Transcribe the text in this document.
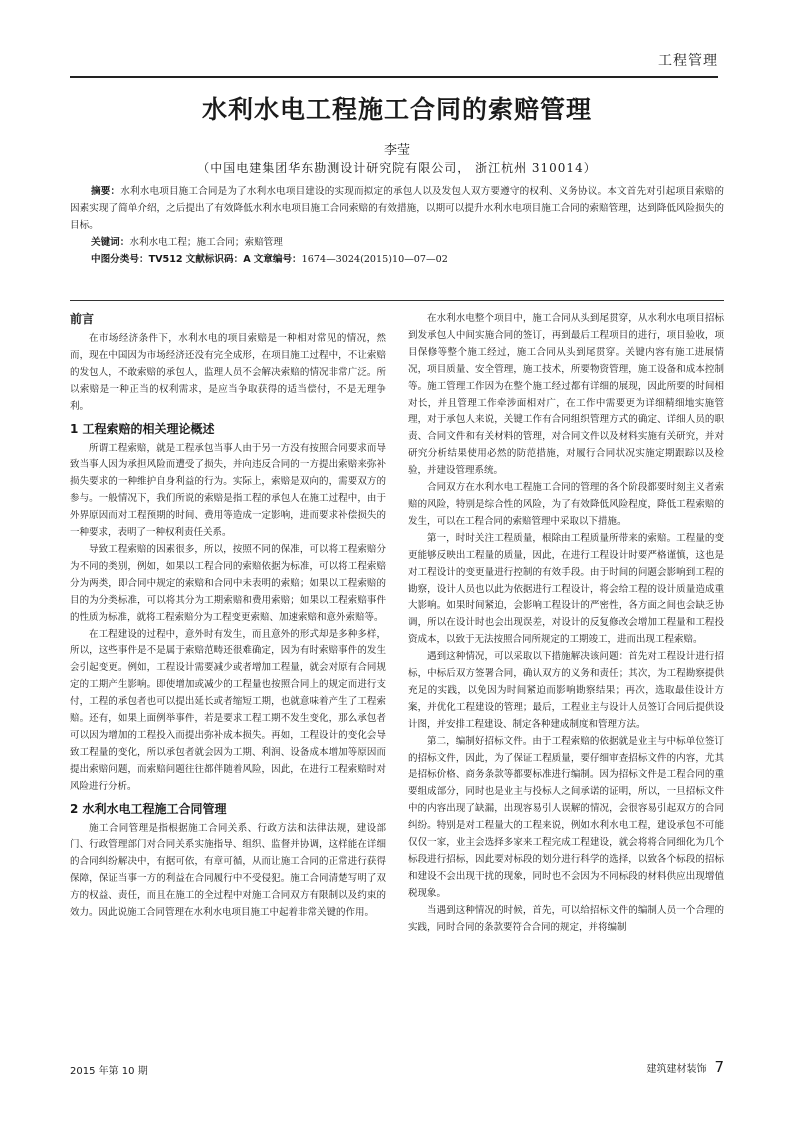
工程管理
水利水电工程施工合同的索赔管理
李莹
（中国电建集团华东勘测设计研究院有限公司， 浙江杭州 310014）

摘要：水利水电项目施工合同是为了水利水电项目建设的实现而拟定的承包人以及发包人双方要遵守的权利、义务协议。本文首先对引起项目索赔的因素实现了简单介绍，之后提出了有效降低水利水电项目施工合同索赔的有效措施，以期可以提升水利水电项目施工合同的索赔管理，达到降低风险损失的目标。

关键词：水利水电工程；施工合同；索赔管理

中图分类号：TV512 文献标识码：A 文章编号：1674—3024(2015)10—07—02

前言

在市场经济条件下，水利水电的项目索赔是一种相对常见的情况，然而，现在中国因为市场经济还没有完全成形，在项目施工过程中，不让索赔的发包人，不敢索赔的承包人，监理人员不会解决索赔的情况非常广泛。所以索赔是一种正当的权利需求，是应当争取获得的适当偿付，不是无理争利。

1 工程索赔的相关理论概述

所谓工程索赔，就是工程承包当事人由于另一方没有按照合同要求而导致当事人因为承担风险而遭受了损失，并向违反合同的一方提出索赔来弥补损失要求的一种维护自身利益的行为。实际上，索赔是双向的，需要双方的参与。一般情况下，我们所说的索赔是指工程的承包人在施工过程中，由于外界原因而对工程预期的时间、费用等造成一定影响，进而要求补偿损失的一种要求，表明了一种权利责任关系。

导致工程索赔的因素很多，所以，按照不同的保准，可以将工程索赔分为不同的类别，例如，如果以工程合同的索赔依据为标准，可以将工程索赔分为两类，即合同中规定的索赔和合同中未表明的索赔；如果以工程索赔的目的为分类标准，可以将其分为工期索赔和费用索赔；如果以工程索赔事件的性质为标准，就将工程索赔分为工程变更索赔、加速索赔和意外索赔等。

在工程建设的过程中，意外时有发生，而且意外的形式却是多种多样，所以，这些事件是不是属于索赔范畴还很难确定，因为有时索赔事件的发生会引起变更。例如，工程设计需要减少或者增加工程量，就会对原有合同规定的工期产生影响。即使增加或减少的工程量也按照合同上的规定而进行支付，工程的承包者也可以提出延长或者缩短工期，也就意味着产生了工程索赔。还有，如果上面例举事件，若是要求工程工期不发生变化，那么承包者可以因为增加的工程投入而提出弥补成本损失。再如，工程设计的变化会导致工程量的变化，所以承包者就会因为工期、利润、设备成本增加等原因而提出索赔问题，而索赔问题往往都伴随着风险，因此，在进行工程索赔时对风险进行分析。

2 水利水电工程施工合同管理

施工合同管理是指根据施工合同关系、行政方法和法律法规，建设部门、行政管理部门对合同关系实施指导、组织、监督并协调，这样能在详细的合同纠纷解决中，有据可依，有章可循，从而让施工合同的正常进行获得保障，保证当事一方的利益在合同履行中不受侵犯。施工合同清楚写明了双方的权益、责任，而且在施工的全过程中对施工合同双方有限制以及约束的效力。因此说施工合同管理在水利水电项目施工中起着非常关键的作用。

在水利水电整个项目中，施工合同从头到尾贯穿，从水利水电项目招标到发承包人中间实施合同的签订，再到最后工程项目的进行，项目验收，项目保修等整个施工经过，施工合同从头到尾贯穿。关键内容有施工进展情况，项目质量、安全管理，施工技术，所要物资管理，施工设备和成本控制等。施工管理工作因为在整个施工经过都有详细的展现，因此所要的时间相对长，并且管理工作牵涉面相对广，在工作中需要更为详细精细地实施管理，对于承包人来说，关键工作有合同组织管理方式的确定、详细人员的职责、合同文件和有关材料的管理，对合同文件以及材料实施有关研究，并对研究分析结果使用必然的防范措施，对履行合同状况实施定期跟踪以及检验，并建设管理系统。

合同双方在水利水电工程施工合同的管理的各个阶段都要时刻主义者索赔的风险，特别是综合性的风险，为了有效降低风险程度，降低工程索赔的发生，可以在工程合同的索赔管理中采取以下措施。

第一，时时关注工程质量，根除由工程质量所带来的索赔。工程量的变更能够反映出工程量的质量，因此，在进行工程设计时要严格谨慎，这也是对工程设计的变更量进行控制的有效手段。由于时间的问题会影响到工程的勘察，设计人员也以此为依据进行工程设计，将会给工程的设计质量造成重大影响。如果时间紧迫，会影响工程设计的严密性，各方面之间也会缺乏协调，所以在设计时也会出现误差，对设计的反复修改会增加工程量和工程投资成本，以致于无法按照合同所规定的工期竣工，进而出现工程索赔。

遇到这种情况，可以采取以下措施解决该问题：首先对工程设计进行招标，中标后双方签署合同，确认双方的义务和责任；其次，为工程勘察提供充足的实践，以免因为时间紧迫而影响勘察结果；再次，选取最佳设计方案，并优化工程建设的管理；最后，工程业主与设计人员签订合同后提供设计图，并安排工程建设、制定各种建成制度和管理方法。

第二，编制好招标文件。由于工程索赔的依据就是业主与中标单位签订的招标文件，因此，为了保证工程质量，要仔细审查招标文件的内容，尤其是招标价格、商务条款等都要标准进行编制。因为招标文件是工程合同的重要组成部分，同时也是业主与投标人之间承诺的证明，所以，一旦招标文件中的内容出现了缺漏，出现容易引人误解的情况，会很容易引起双方的合同纠纷。特别是对工程量大的工程来说，例如水利水电工程，建设承包不可能仅仅一家，业主会选择多家来工程完成工程建设，就会将将合同细化为几个标段进行招标，因此要对标段的划分进行科学的选择，以致各个标段的招标和建设不会出现干扰的现象，同时也不会因为不同标段的材料供应出现增值税现象。

当遇到这种情况的时候，首先，可以给招标文件的编制人员一个合理的实践，同时合同的条款要符合合同的规定，并将编制

2015 年第 10 期	建筑建材装饰 7
